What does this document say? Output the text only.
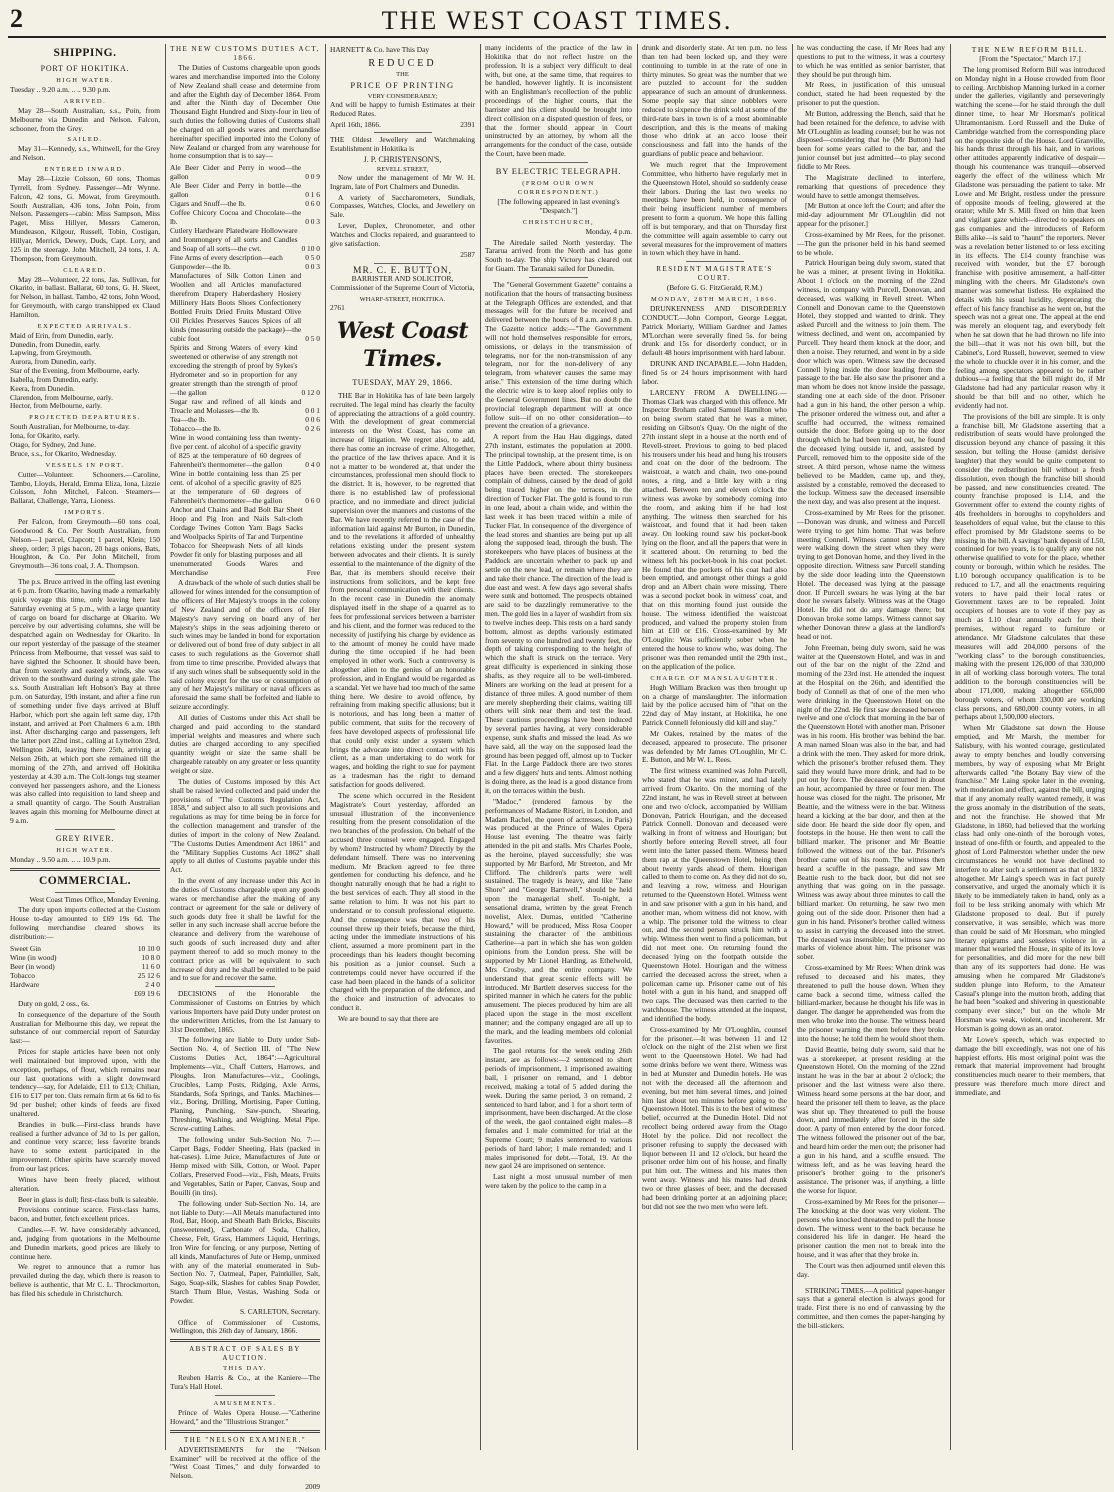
2	THE WEST COAST TIMES.
SHIPPING.
PORT OF HOKITIKA.
HIGH WATER.

Tuesday .. 9.20 a.m. .. .. 9.30 p.m.

ARRIVED.

May 28—South Australian, s.s., Poin, from Melbourne via Dunedin and Nelson. Falcon, schooner, from the Grey.

SAILED.

May 31—Kennedy, s.s., Whitwell, for the Grey and Nelson.

ENTERED INWARD.

May 28—Lizzie Colsson, 60 tons, Thomas Tyrrell, from Sydney. Passenger—Mr Wynne. Falcon, 42 tons, G. Mowat, from Greymouth. South Australian, 436 tons, John Poin, from Nelson. Passengers—cabin: Miss Sampson, Miss Paget, Miss Hillyer, Messrs Cameron, Mundeason, Kilgour, Russell, Tobin, Costigan, Hillyar, Merrick, Dewey, Duds, Capt. Lory, and 125 in the steerage. John Mitchell, 24 tons, J. A. Thompson, from Greymouth.

CLEARED.

May 28—Volunteer, 22 tons, Jas. Sullivan, for Okarito, in ballast. Ballarat, 60 tons, G. H. Skeet, for Nelson, in ballast. Tambo, 42 tons, John Wood, for Greymouth, with cargo transhipped ex Claud Hamilton.

EXPECTED ARRIVALS.

Maid of Erin, from Dunedin, early.
Dunedin, from Dunedin, early.
Lapwing, from Greymouth.
Aurora, from Dunedin, early.
Star of the Evening, from Melbourne, early.
Isabella, from Dunedin, early.
Keera, from Dunedin.
Clarendon, from Melbourne, early.
Hector, from Melbourne, early.

PROJECTED DEPARTURES.

South Australian, for Melbourne, to-day.
Iona, for Okarito, early.
Otago, for Sydney, 2nd June.
Bruce, s.s., for Okarito, Wednesday.

VESSELS IN PORT.

Cutter—Volunteer. Schooners.—Caroline, Tambo, Lloyds, Herald, Emma Eliza, Iona, Lizzie Colsson, John Mitchel, Falcon. Steamers—Ballarat, Challenge, Yarra, Lioness.

IMPORTS.

Per Falcon, from Greymouth—60 tons coal, Goodwood & Co. Per South Australian, from Nelson—1 parcel, Clapcott; 1 parcel, Klein; 150 sheep, order; 3 pigs bacon, 20 bags onions, Bats, Houghton, & Co. Per John Mitchell, from Greymouth—36 tons coal, J. A. Thompson.

The p.s. Bruce arrived in the offing last evening at 6 p.m. from Okarito, having made a remarkably quick voyage this time, only leaving here last Saturday evening at 5 p.m., with a large quantity of cargo on board for discharge at Okarito. We perceive by our advertising columns, she will be despatched again on Wednesday for Okarito. In our report yesterday of the passage of the steamer Princess from Melbourne, that vessel was said to have sighted the Schooner. It should have been, that from westerly and easterly winds, she was driven to the southward during a strong gale. The s.s. South Australian left Hobson's Bay at three p.m. on Saturday, 19th instant, and after a fine run of something under five days arrived at Bluff Harbor, which port she again left same day, 17th instant, and arrived at Port Chalmers 6 a.m. 18th inst. After discharging cargo and passengers, left the latter port 22nd inst., calling at Lyttelton 23rd, Wellington 24th, leaving there 25th, arriving at Nelson 26th, at which port she remained till the morning of the 27th, and arrived off Hokitika yesterday at 4.30 a.m. The Colt-longs tug steamer conveyed her passengers ashore, and the Lioness was also called into requisition to land sheep and a small quantity of cargo. The South Australian leaves again this morning for Melbourne direct at 9 a.m.

GREY RIVER.
HIGH WATER.

Monday .. 9.50 a.m. .. .. 10.9 p.m.

COMMERCIAL.

West Coast Times Office, Monday Evening.

The duty upon imports collected at the Custom House to-day amounted to £69 19s 6d. The following merchandise cleared shows its distribution:—

Sweet Gin	10 10 0
Wine (in wood)	10 8 0
Beer (in wood)	11 6 0
Tobacco	25 12 6
Hardware	2 4 0
£69 19 6

Duty on gold, 2 oss., 6s.

In consequence of the departure of the South Australian for Melbourne this day, we repeat the substance of our commercial report of Saturday last:—

Prices for staple articles have been not only well maintained but improved upon, with the exception, perhaps, of flour, which remains near our last quotations with a slight downward tendency—say, for Adelaide, £11 to £13; Chilian, £16 to £17 per ton. Oats remain firm at 6s 6d to 6s 9d per bushel; other kinds of feeds are fixed unaltered.

Brandies in bulk.—First-class brands have realised a further advance of 3d to 1s per gallon, and continue very scarce; less favorite brands have to some extent participated in the improvement. Other spirits have scarcely moved from our last prices.

Wines have been freely placed, without alteration.

Beer in glass is dull; first-class bulk is saleable.

Provisions continue scarce. First-class hams, bacon, and butter, fetch excellent prices.

Candles.—F. W. have considerably advanced, and, judging from quotations in the Melbourne and Dunedin markets, good prices are likely to continue here.

We regret to announce that a rumor has prevailed during the day, which there is reason to believe is authentic, that Mr C. L. Throckmorton, has filed his schedule in Christchurch.

THE NEW CUSTOMS DUTIES ACT, 1866.

The Duties of Customs chargeable upon goods wares and merchandise imported into the Colony of New Zealand shall cease and determine from and after the Eighth day of December 1864. From and after the Ninth day of December One Thousand Eight Hundred and Sixty-four in lieu of such duties the following duties of Customs shall be charged on all goods wares and merchandise hereinafter specified imported into the Colony of New Zealand or charged from any warehouse for home consumption that is to say—

Ale Beer Cider and Perry in wood—the gallon	0 0 9
Ale Beer Cider and Perry in bottle—the gallon	0 1 6
Cigars and Snuff—the lb.	0 6 0
Coffee Chicory Cocoa and Chocolate—the lb.	0 0 3
Cutlery Hardware Platedware Hollowware and Ironmongery of all sorts and Candles and Soap of all sorts—the cwt.	0 10 0
Fine Arms of every description—each	0 5 0
Gunpowder—the lb.	0 0 3
Manufactures of Silk Cotton Linen and Woollen and all Articles manufactured therefrom Drapery Haberdashery Hosiery Millinery Hats Boots Shoes Confectionery Bottled Fruits Dried Fruits Mustard Olive Oil Pickles Preserves Sauces Spices of all kinds (measuring outside the package)—the cubic foot	0 5 0
Spirits and Strong Waters of every kind sweetened or otherwise of any strength not exceeding the strength of proof by Sykes's Hydrometer and so in proportion for any greater strength than the strength of proof—the gallon	0 12 0
Sugar raw and refined of all kinds and Treacle and Molasses—the lb.	0 0 1
Tea—the lb.	0 0 6
Tobacco—the lb.	0 2 6
Wine in wood containing less than twenty-five per cent. of alcohol of a specific gravity of 825 at the temperature of 60 degrees of Fahrenheit's thermometer—the gallon	0 4 0
Wine in bottle containing less than 25 per cent. of alcohol of a specific gravity of 825 at the temperature of 60 degrees of Fahrenheit's thermometer—the gallon	0 6 0
Anchor and Chains and Bad Bolt Bar Sheet Hoop and Pig Iron and Nails Salt-cloth Cordage Twines Cotton Yarn Bags Sacks and Woolpacks Spirits of Tar and Turpentine Tobacco for Sheepwash Nets of all kinds Powder fit only for blasting purposes and all unenumerated Goods Wares and Merchandise	Free

A drawback of the whole of such duties shall be allowed for wines intended for the consumption of the officers of Her Majesty's troops in the colony of New Zealand and of the officers of Her Majesty's navy serving on board any of her Majesty's ships in the seas adjoining thereto or such wines may be landed in bond for exportation or delivered out of bond free of duty subject in all cases to such regulations as the Governor shall from time to time prescribe. Provided always that if any such wines shall be subsequently sold in the said colony except for the use or consumption of any of her Majesty's military or naval officers as aforesaid the same shall be forfeited and liable to seizure accordingly.

All duties of Customs under this Act shall be charged and paid according to the standard imperial weights and measures and where such duties are charged according to any specified quantity weight or size the same shall be chargeable rateably on any greater or less quantity weight or size.

The duties of Customs imposed by this Act shall be raised levied collected and paid under the provisions of "The Customs Regulation Act, 1858," and subject also to all such provisions and regulations as may for time being be in force for the collection management and transfer of the duties of import in the colony of New Zealand. "The Customs Duties Amendment Act 1861" and the "Military Supplies Customs Act 1862" shall apply to all duties of Customs payable under this Act.

In the event of any increase under this Act in the duties of Customs chargeable upon any goods wares or merchandise after the making of any contract or agreement for the sale or delivery of such goods duty free it shall be lawful for the seller in any such increase shall accrue before the clearance and delivery from the warehouse of such goods of such increased duty and after payment thereof to add so much money to the contract price as will be equivalent to such increase of duty and he shall be entitled to be paid and to sue for and recover the same.

DECISIONS of the Honorable the Commissioner of Customs on Entries by which various Importers have paid Duty under protest on the underwritten Articles, from the 1st January to 31st December, 1865.

The following are liable to Duty under Sub-Section No. 4, of Section III. of "The New Customs Duties Act, 1864":—Agricultural Implements—viz., Chaff Cutters, Harrows, and Ploughs. Iron Manufactures—viz., Coolings, Crucibles, Lamp Posts, Ridging, Axle Arms, Standards, Sofa Springs, and Tanks. Machines—viz., Boring, Drilling, Mortising, Paper Cutting, Planing, Punching, Saw-punch, Shearing, Threshing, Washing, and Weighing. Metal Pipe. Screw-cutting Lathes.

The following under Sub-Section No. 7:—Carpet Bags, Fodder Sheeting, Hats (packed in hat-cases). Lime Juice, Manufactures of Jute or Hemp mixed with Silk, Cotton, or Wool. Paper Collars, Preserved Food—viz., Fish, Meats, Fruits and Vegetables, Satin or Paper, Canvas, Soup and Bouilli (in tins).

The following under Sub-Section No. 14, are not liable to Duty:—All Metals manufactured into Rod, Bar, Hoop, and Sheath Bath Bricks, Biscuits (unsweetened), Carbonate of Soda, Chalice, Cheese, Felt, Grass, Hammers Liquid, Herrings, Iron Wire for fencing, or any purpose, Netting of all kinds, Manufactures of Jute or Hemp, unmixed with any of the material enumerated in Sub-Section No. 7, Oatmeal, Paper, Paintkiller, Salt, Sago, Soap-silk, Slashes for cables Snap Powder, Starch Thum Blue, Vestas, Washing Soda or Powder.

S. CARLETON, Secretary.

Office of Commissioner of Customs, Wellington, this 26th day of January, 1866.

ABSTRACT OF SALES BY AUCTION.
THIS DAY.

Reuben Harris & Co., at the Kaniere—The Tura's Hall Hotel.

AMUSEMENTS.

Prince of Wales Opera House.—"Catherine Howard," and the "Illustrious Stranger."

THE "NELSON EXAMINER."

ADVERTISEMENTS for the "Nelson Examiner" will be received at the office of the "West Coast Times," and duly forwarded to Nelson.

2009

HARNETT & Co. have This Day

REDUCED
THE
PRICE OF PRINTING
VERY CONSIDERABLY;

And will be happy to furnish Estimates at their Reduced Rates.

April 16th, 1866.	2391

THE Oldest Jewellery and Watchmaking Establishment in Hokitika is

J. P. CHRISTENSON'S,
REVELL STREET,

Now under the management of Mr W. H. Ingram, late of Port Chalmers and Dunedin.

A variety of Saccharometers, Sundials, Compasses, Watches, Clocks, and Jewellery on Sale.

Lever, Duplex, Chronometer, and other Watches and Clocks repaired, and guaranteed to give satisfaction.

2587
MR. C. E. BUTTON,
BARRISTER AND SOLICITOR,

Commissioner of the Supreme Court of Victoria,

WHARF-STREET, HOKITIKA.
2761
West Coast Times.
TUESDAY, MAY 29, 1866.

THE Bar in Hokitika has of late been largely recruited. The legal mind has clearly the faculty of appreciating the attractions of a gold country. With the development of great commercial interests on the West Coast, has come an increase of litigation. We regret also, to add, there has come an increase of crime. Altogether, the practice of the law thrives apace. And it is not a matter to be wondered at, that under the circumstances, professional men should flock to the district. It is, however, to be regretted that there is no established law of professional practice, and no immediate and direct judicial supervision over the manners and customs of the Bar. We have recently referred to the case of the information laid against Mr Burton, in Dunedin, and to the revelations it afforded of unhealthy relations existing under the present system between advocates and their clients. It is surely essential to the maintenance of the dignity of the Bar, that its members should receive their instructions from solicitors, and be kept free from personal communication with their clients. In the recent case in Dunedin the anomaly displayed itself in the shape of a quarrel as to fees for professional services between a barrister and his client, and the former was reduced to the necessity of justifying his charge by evidence as to the amount of money he could have made during the time occupied if he had been employed in other work. Such a controversy is altogether alien to the genius of an honorable profession, and in England would be regarded as a scandal. Yet we have had too much of the same thing here. We desire to avoid offence, by refraining from making specific allusions; but it is notorious, and has long been a matter of public comment, that suits for the recovery of fees have developed aspects of professional life that could only exist under a system which brings the advocate into direct contact with his client, as a man undertaking to do work for wages, and holding the right to sue for payment as a tradesman has the right to demand satisfaction for goods delivered.

The scene which occurred in the Resident Magistrate's Court yesterday, afforded an unusual illustration of the inconvenience resulting from the present consolidation of the two branches of the profession. On behalf of the accused three counsel were engaged. Engaged by whom? Instructed by whom? Directly by the defendant himself. There was no intervening medium. Mr Bracken agreed to fee three gentlemen for conducting his defence, and he thought naturally enough that he had a right to the best services of each. They all stood in the same relation to him. It was not his part to understand or to consult professional etiquette. And the consequence was that two of his counsel threw up their briefs, because the third, acting under the immediate instructions of his client, assumed a more prominent part in the proceedings than his leaders thought becoming his position as a junior counsel. Such a contretemps could never have occurred if the case had been placed in the hands of a solicitor charged with the preparation of the defence, and the choice and instruction of advocates to conduct it.

We are bound to say that there are

many incidents of the practice of the law in Hokitika that do not reflect lustre on the profession. It is a subject very difficult to deal with, but one, at the same time, that requires to be handled, however lightly. It is inconsistent with an Englishman's recollection of the public proceedings of the higher courts, that the barrister and his client should be brought into direct collision on a disputed question of fees, or that the former should appear in Court uninstructed by an attorney, by whom all the arrangements for the conduct of the case, outside the Court, have been made.

BY ELECTRIC TELEGRAPH.
(FROM OUR OWN CORRESPONDENT.)

[The following appeared in last evening's "Despatch."]

CHRISTCHURCH,

Monday, 4 p.m.

The Airedale sailed North yesterday. The Tararua arrived from the North and has gone South to-day. The ship Victory has cleared out for Guam. The Taranaki sailed for Dunedin.

The "General Government Gazette" contains a notification that the hours of transacting business at the Telegraph Offices are extended, and that messages will for the future be received and delivered between the hours of 8 a.m. and 8 p.m. The Gazette notice adds:—"The Government will not hold themselves responsible for errors, omissions, or delays in the transmission of telegrams, nor for the non-transmission of any telegram, nor for the non-delivery of any telegram, from whatever causes the same may arise." This extension of the time during which the electric wire is to keep aloof replies only to the General Government lines. But no doubt the provincial telegraph department will at once follow suit—if on no other consideration—to prevent the creation of a grievance.

A report from the Hau Hau diggings, dated 27th instant, estimates the population at 2000. The principal township, at the present time, is on the Little Paddock, where about thirty business places have been erected. The storekeepers complain of dulness, caused by the dead of gold being traced higher on the terraces, in the direction of Tucker Flat. The gold is found to run in one lead, about a chain wide, and within the last week it has been traced within a mile of Tucker Flat. In consequence of the divergence of the lead stores and shanties are being put up all along the supposed lead, through the bush. The storekeepers who have places of business at the Paddock are uncertain whether to pack up and settle on the new lead, or remain where they are and take their chance. The direction of the lead is due east and west. A few days ago several shafts were sunk and bottomed. The prospects obtained are said to be dazzlingly remunerative to the men. The gold lies in a layer of washdirt from six to twelve inches deep. This rests on a hard sandy bottom, almost as depths variously estimated from seventy to one hundred and twenty feet, the depth of taking corresponding to the height of which the shaft is struck on the terrace. Very great difficulty is experienced in sinking those shafts, as they require all to be well-timbered. Miners are working on the lead at present for a distance of three miles. A good number of them are merely shepherding their claims, waiting till others will sink near them and test the lead. These cautious proceedings have been induced by several parties having, at very considerable expense, sunk shafts and missed the lead. As we have said, all the way on the supposed lead the ground has been pegged off, almost up to Tucker Flat. In the Large Paddock there are two stores and a few diggers' huts and tents. Almost nothing is doing there, as the lead is a good distance from it, on the terraces within the bush.

"Madoc," (rendered famous by the performances of Madame Ristori, in London, and Madam Rachel, the queen of actresses, in Paris) was produced at the Prince of Wales Opera House last evening. The theatre was fairly attended in the pit and stalls. Mrs Charles Poole, as the heroine, played successfully; she was supported by Mr Barford, Mr Streeton, and Mr Clifford. The children's parts were well sustained. The tragedy is heavy, and like "Jane Shore" and "George Barnwell," should be held upon the managerial shelf. To-night, a sensational drama, written by the great French novelist, Alex. Dumas, entitled "Catherine Howard," will be produced, Miss Rosa Cooper sustaining the character of the ambitious Catherine—a part in which she has won golden opinions from the London press. She will be supported by Mr Lionel Harding, as Ethelwold, Mrs Crosby, and the entire company. We understand that great scenic effects will be introduced. Mr Bartlett deserves success for the spirited manner in which he caters for the public amusement. The pieces produced by him are all placed upon the stage in the most excellent manner; and the company engaged are all up to the mark, and the leading members old colonial favorites.

The gaol returns for the week ending 26th instant, are as follows:—2 sentenced to short periods of imprisonment, 1 imprisoned awaiting bail, 1 prisoner on remand, and 1 debtor received, making a total of 5 added during the week. During the same period, 3 on remand, 2 sentenced to hard labor, and 1 for a short term of imprisonment, have been discharged. At the close of the week, the gaol contained eight males—8 females and 1 male committed for trial at the Supreme Court; 9 males sentenced to various periods of hard labor; 1 male remanded; and 1 males imprisoned for debt.—Total, 19. At the new gaol 24 are imprisoned on sentence.

Last night a most unusual number of men were taken by the police to the camp in a

drunk and disorderly state. At ten p.m. no less than ten had been locked up, and they were continuing to tumble in at the rate of one in thirty minutes. So great was the number that we are puzzled to account for the sudden appearance of such an amount of drunkenness. Some people say that since nobblers were reduced to sixpence the drink sold at some of the third-rate bars in town is of a most abominable description, and this is the means of making those who drink at an acco loose their consciousness and fall into the hands of the guardians of public peace and behaviour.

We much regret that the Improvement Committee, who hitherto have regularly met in the Queenstown Hotel, should so suddenly cease their labors. During the last two weeks no meetings have been held, in consequence of their being insufficient number of members present to form a quorum. We hope this falling off is but temporary, and that on Thursday first the committee will again assemble to carry out several measures for the improvement of matters in town which they have in hand.

RESIDENT MAGISTRATE'S COURT.

(Before G. G. FitzGerald, R.M.)

MONDAY, 28TH MARCH, 1866.

DRUNKENNESS AND DISORDERLY CONDUCT.—John Cornport, George Leggat, Patrick Moriarty, William Gardner and James M'Lorchan were severally fined 5s. for being drunk and 15s for disorderly conduct, or in default 48 hours imprisonment with hard labour.

DRUNK AND INCAPABLE.—John Hadden, fined 5s or 24 hours imprisonment with hard labor.

LARCENY FROM A DWELLING.—Thomas Clark was charged with this offence. Mr Inspector Broham called Samuel Hamilton who on being sworn stated that he was a miner, residing on Gibson's Quay. On the night of the 27th instant slept in a house at the north end of Revell-street. Previous to going to bed placed his trousers under his head and hung his trousers and coat on the door of the bedroom. The waistcoat, a watch and chain, two one-pound notes, a ring, and a little key with a ring attached. Between ten and eleven o'clock the witness was awoke by somebody coming into the room, and asking him if he had lost anything. The witness then searched for his waistcoat, and found that it had been taken away. On looking round saw his pocket-book lying on the floor, and all the papers that were in it scattered about. On returning to bed the witness left his pocket-book in his coat pocket. He found that the pockets of his coat had also been emptied, and amongst other things a gold drop and an Albert chain were missing. There was a second pocket book in witness' coat, and that on this morning found just outside the house. The witness identified the waistcoat produced, and valued the property stolen from him at £10 or £16. Cross-examined by Mr O'Louglin: Was sufficiently sober when he entered the house to know who, was doing. The prisoner was then remanded until the 29th inst., on the application of the police.

CHARGE OF MANSLAUGHTER.

Hugh William Bracken was then brought up on a charge of manslaughter. The information laid by the police accused him of "that on the 22nd day of May instant, at Hokitika, he one Patrick Connell feloniously did kill and slay."

Mr Oakes, retained by the mates of the deceased, appeared to prosecute. The prisoner was defended by Mr James O'Loughlin, Mr C. E. Button, and Mr W. L. Rees.

The first witness examined was John Purcell, who stated that he was miner, and had lately arrived from Okarito. On the morning of the 22nd instant, he was in Revell street at between one and two o'clock, accompanied by William Donovan, Patrick Hourigan, and the deceased Patrick Connell. Donovan and deceased were walking in front of witness and Hourigan; but shortly before entering Revell street, all four went into the latter passed them. Witness heard them rap at the Queenstown Hotel, being then about twenty yards ahead of them. Hourigan called to them to come on. As they did not do so, and leaving a row, witness and Hourigan returned to the Queenstown Hotel. Witness went in and saw prisoner with a gun in his hand, and another man, whom witness did not know, with a whip. The prisoner told the witness to clear out, and the second person struck him with a whip. Witness then went to find a policeman, but did not meet one. On returning found the deceased lying on the footpath outside the Queenstown Hotel. Hourigan and the witness carried the deceased across the street, when a policeman came up. Prisoner came out of his hotel with a gun in his hand, and snapped off two caps. The deceased was then carried to the watchhouse. The witness attended at the inquest, and identified the body.

Cross-examined by Mr O'Loughlin, counsel for the prisoner.—It was between 11 and 12 o'clock on the night of the 21st when we first went to the Queenstown Hotel. We had had some drinks before we went there. Witness was in bed at Munster and Dunedin hotels. He was not with the deceased all the afternoon and evening, but met him several times, and joined him last about ten minutes before going to the Queenstown Hotel. This is to the best of witness' belief, occurred at the Dunedin Hotel. Did not recollect being ordered away from the Otago Hotel by the police. Did not recollect the prisoner refusing to supply the deceased with liquor between 11 and 12 o'clock, but heard the prisoner order him out of his house, and finally put him out. The witness and his mates then went away. Witness and his mates had drunk two or three glasses of beer, and the deceased had been drinking porter at an adjoining place; but did not see the two men who were left.

he was conducting the case, if Mr Rees had any questions to put to the witness, it was a courtesy to which he was entitled as senior barrister, that they should be put through him.

Mr Rees, in justification of this unusual conduct, stated he had been requested by the prisoner to put the question.

Mr Button, addressing the Bench, said that he had been retained for the defence, to advise with Mr O'Loughlin as leading counsel; but he was not disposed—considering that he (Mr Button) had been for some years called to the bar, and the junior counsel but just admitted—to play second fiddle to Mr Rees.

The Magistrate declined to interfere, remarking that questions of precedence they would have to settle amongst themselves.

[Mr Button at once left the Court; and after the mid-day adjournment Mr O'Loughlin did not appear for the prisoner.]

Cross-examined by Mr Rees, for the prisoner.—The gun the prisoner held in his hand seemed to be whole.

Patrick Hourigan being duly sworn, stated that he was a miner, at present living in Hokitika. About 1 o'clock on the morning of the 22nd witness, in company with Purcell, Donovan, and deceased, was walking in Revell street. When Connell and Donovan came to the Queenstown Hotel, they stopped and wanted to drink. They asked Purcell and the witness to join them. The witness declined, and went on, accompanied by Purcell. They heard them knock at the door, and then a noise. They returned, and went in by a side door which was open. Witness saw the deceased Connell lying inside the door leading from the passage to the bar. He also saw the prisoner and a man whom he does not know inside the passage, standing one at each side of the door. Prisoner had a gun in his hand, the other person a whip. The prisoner ordered the witness out, and after a scuffle had occurred, the witness remained outside the door. Before going up to the door through which he had been turned out, he found the deceased lying outside it, and, assisted by Purcell, removed him to the opposite side of the street. A third person, whose name the witness believed to be Madden, came up, and they, assisted by a constable, removed the deceased to the lockup. Witness saw the deceased insensible the next day, and was also present at the inquest.

Cross-examined by Mr Rees for the prisoner.—Donovan was drunk, and witness and Purcell were trying to get him home. That was before meeting Connell. Witness cannot say why they were walking down the street when they were trying to get Donovan home, and they lived in the opposite direction. Witness saw Purcell standing by the side door leading into the Queenstown Hotel. The deceased was lying at the passage door. If Purcell swears he was lying at the bar door he swears falsely. Witness was at the Otago Hotel. He did not do any damage there; but Donovan broke some lamps. Witness cannot say whether Donovan threw a glass at the landlord's head or not.

John Freeman, being duly sworn, said he was waiter at the Queenstown Hotel, and was in and out of the bar on the night of the 22nd and morning of the 23rd inst. He attended the inquest at the Hospital on the 26th, and identified the body of Connell as that of one of the men who were drinking in the Queenstown Hotel on the night of the 22nd. He first saw deceased between twelve and one o'clock that morning in the bar of the Queenstown Hotel with another man. Prisoner was in his room. His brother was behind the bar. A man named Sloan was also in the bar, and had a drink with the men. They asked for more drink, which the prisoner's brother refused them. They said they would have more drink, and had to be put out by force. The deceased returned in about an hour, accompanied by three or four men. The house was closed for the night. The prisoner, Mr Beattie, and the witness were in the bar. Witness heard a kicking at the bar door, and then at the side door. He heard the side door fly open, and footsteps in the house. He then went to call the billiard marker. The prisoner and Mr Beattie followed the witness out of the bar. Prisoner's brother came out of his room. The witness then heard a scuffle in the passage, and saw Mr Beattie rush to the back door, but did not see anything that was going on in the passage. Witness was away about three minutes to call the billiard marker. On returning, he saw two men going out of the side door. Prisoner then had a gun in his hand. Prisoner's brother called witness to assist in carrying the deceased into the street. The deceased was insensible; but witness saw no marks of violence about him. The prisoner was sober.

Cross-examined by Mr Rees: When drink was refused to deceased and his mates, they threatened to pull the house down. When they came back a second time, witness called the billiard-marker, because he thought his life was in danger. The danger he apprehended was from the men who broke into the house. The witness heard the prisoner warning the men before they broke into the house; he told them he would shoot them.

David Beattie, being duly sworn, said that he was a storekeeper, at present residing at the Queenstown Hotel. On the morning of the 22nd instant he was in the bar at about 2 o'clock; the prisoner and the last witness were also there. Witness heard some persons at the bar door, and heard the prisoner tell them to leave, as the place was shut up. They threatened to pull the house down, and immediately after forced in the side door. A party of men entered by the door forced. The witness followed the prisoner out of the bar, and heard him order the men out; the prisoner had a gun in his hand, and a scuffle ensued. The witness left, and as he was leaving heard the prisoner's brother going to the prisoner's assistance. The prisoner was, if anything, a little the worse for liquor.

Cross-examined by Mr Rees for the prisoner—The knocking at the door was very violent. The persons who knocked threatened to pull the house down. The witness went to the back because he considered his life in danger. He heard the prisoner caution the men not to break into the house, and it was after that they broke in.

The Court was then adjourned until eleven this day.

STRIKING TIMES.—A political paper-hanger says that a general election is always good for trade. First there is no end of canvassing by the committee, and then comes the paper-hanging by the bill-stickers.

THE NEW REFORM BILL.

[From the "Spectator," March 17.]

The long promised Reform Bill was introduced on Monday night in a House crowded from floor to ceiling. Archbishop Manning lurked in a corner under the galleries, vigilantly and perseveringly watching the scene—for he staid through the dull dinner time, to hear Mr Horsman's political Ultramontanism. Lord Russell and the Duke of Cambridge watched from the corresponding place on the opposite side of the House. Lord Granville, his hands thrust through his hair, and in various other attitudes apparently indicative of despair—though his countenance was tranquil—observed eagerly the effect of the wiliness which Mr Gladstone was persuading the patient to take. Mr Lowe and Mr Bright, restless under the pressure of opposite moods of feeling, glowered at the orator; while Mr S. Mill fixed on him that keen and vigilant gaze which—directed to speakers on gas companies and the introducers of Reform Bills alike—is said to "haunt" the reporters. Never was a revelation better listened to or less exciting in its effects. The £14 county franchise was received with wonder, but the £7 borough franchise with positive amusement, a half-titter mingling with the cheers. Mr Gladstone's own manner was somewhat listless. He explained the details with his usual lucidity, deprecating the effect of his fancy franchise as he went on, but the speech was not a great one. The appeal at the end was merely an eloquent tag, and everybody felt when he sat down that he had thrown no life into the bill—that it was not his own bill, but the Cabinet's, Lord Russell, however, seemed to view the whole to chuckle over it in his corner, and the feeling among spectators appeared to be rather dubious—a feeling that the bill might do, if Mr Gladstone had had any particular reason why it should be that bill and no other, which he evidently had not.

The provisions of the bill are simple. It is only a franchise bill, Mr Gladstone asserting that a redistribution of seats would have prolonged the discussion beyond any chance of passing it this session, but telling the House (amidst derisive laughter) that they would be quite competent to consider the redistribution bill without a fresh dissolution, even though the franchise bill should be passed, and new constituencies created. The county franchise proposed is L14, and the Government offer to extend the county rights of 40s freeholders in boroughs to copyholders and leaseholders of equal value, but the clause to this effect promised by Mr Gladstone seems to be missing in the bill. A savings' bank deposit of L50, continued for two years, is to qualify any one not otherwise qualified to vote for the place, whether county or borough, within which he resides. The L10 borough occupancy qualification is to be reduced to L7, and all the enactments requiring voters to have paid their local rates or Government taxes are to be repealed. Joint occupiers of houses are to vote if they pay as much as L10 clear annually each for their premises, without regard to furniture or attendance. Mr Gladstone calculates that these measures will add 204,000 persons of the "working class" to the borough constituencies, making with the present 126,000 of that 330,000 in all of working class borough voters. The total addition to the borough constituencies will be about 171,000, making altogether 656,000 borough voters, of whom 330,000 are working class persons, and 680,000 county voters, in all perhaps about 1,500,000 electors.

When Mr Gladstone sat down the House emptied, and Mr Marsh, the member for Salisbury, with his wonted courage, gesticulated away to empty benches and loudly conversing members, by way of exposing what Mr Bright afterwards called "the Botany Bay view of the franchise." Mr Laing spoke later in the evening, with moderation and effect, against the bill, urging that if any anomaly really wanted remedy, it was the gross anomaly in the distribution of the seats, and not the franchise. He showed that Mr Gladstone, in 1860, had believed that the working class had only one-ninth of the borough votes, instead of one-fifth or fourth, and appealed to the ghost of Lord Palmerston whether under the new circumstances he would not have declined to interfere to alter such a settlement as that of 1832 altogether. Mr Laing's speech was in fact purely conservative, and urged the anomaly which it is likely to be immediately taken in hand, only as a foil to be less striking anomaly with which Mr Gladstone proposed to deal. But if purely conservative, it was sensible, which was more than could be said of Mr Horsman, who mingled literary epigrams and senseless violence in a manner that wearied the House, in spite of its love for personalities, and did more for the new bill than any of its supporters had done. He was amusing when he compared Mr Gladstone's sudden plunge into Reform, to the Amateur Casual's plunge into the mutton broth, adding that he had been "soaked and shivering in questionable company ever since;" but on the whole Mr Horsman was weak, violent, and incoherent. Mr Horsman is going down as an orator.

Mr Lowe's speech, which was expected to damage the bill exceedingly, was not one of his happiest efforts. His most original point was the remark that material improvement had brought constituencies much nearer to their members, that pressure was therefore much more direct and immediate, and
